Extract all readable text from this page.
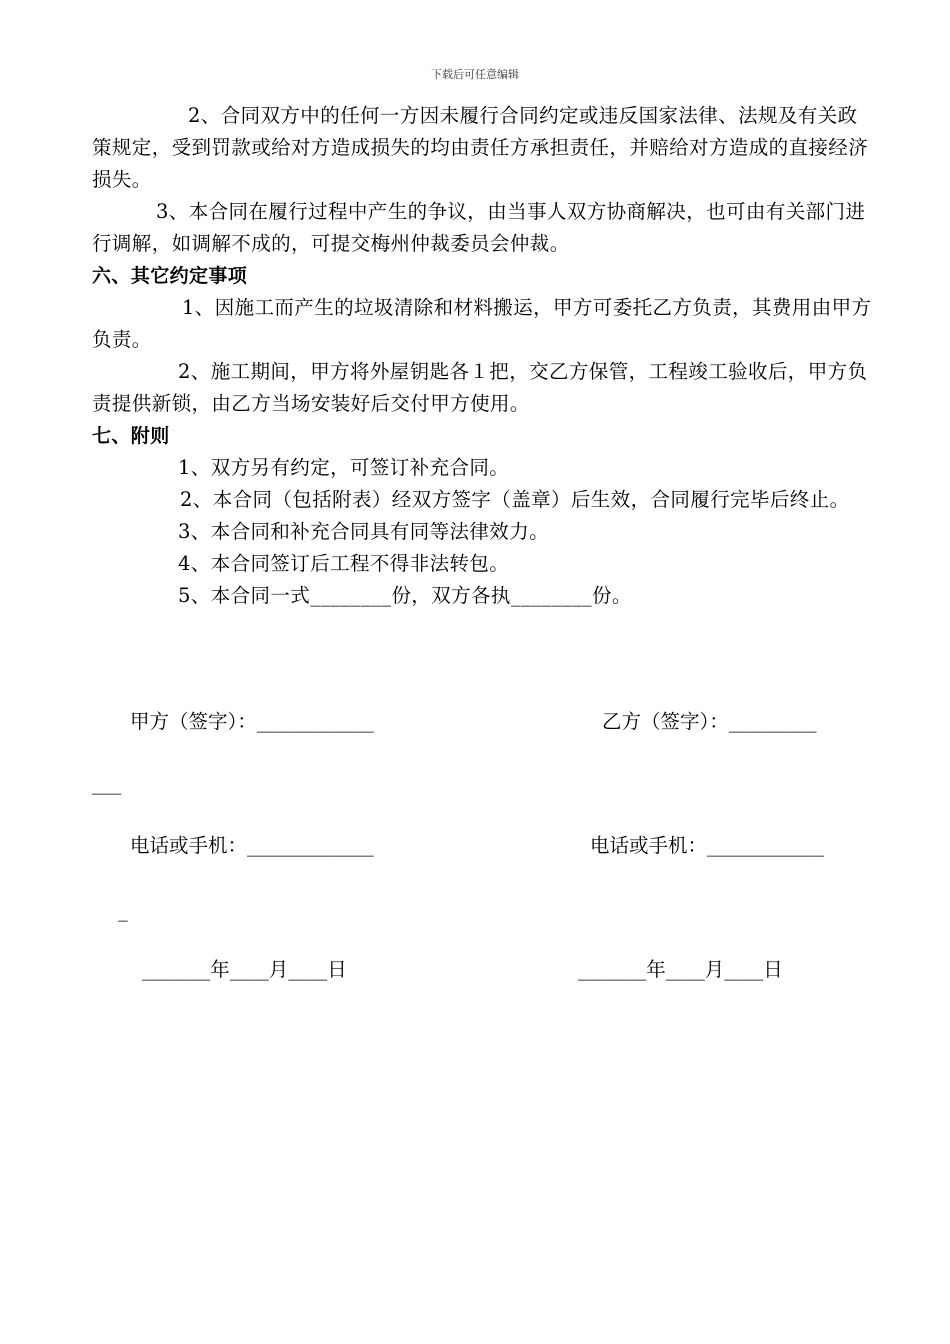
下载后可任意编辑

2、合同双方中的任何一方因未履行合同约定或违反国家法律、法规及有关政策规定，受到罚款或给对方造成损失的均由责任方承担责任，并赔给对方造成的直接经济损失。

3、本合同在履行过程中产生的争议，由当事人双方协商解决，也可由有关部门进行调解，如调解不成的，可提交梅州仲裁委员会仲裁。

六、其它约定事项

1、因施工而产生的垃圾清除和材料搬运，甲方可委托乙方负责，其费用由甲方负责。

2、施工期间，甲方将外屋钥匙各１把，交乙方保管，工程竣工验收后，甲方负责提供新锁，由乙方当场安装好后交付甲方使用。

七、附则

1、双方另有约定，可签订补充合同。

2、本合同（包括附表）经双方签字（盖章）后生效，合同履行完毕后终止。

3、本合同和补充合同具有同等法律效力。

4、本合同签订后工程不得非法转包。

5、本合同一式________份，双方各执________份。

甲方（签字）：____________	乙方（签字）：_________
___
电话或手机：_____________	电话或手机：____________
_
_______年____月____日	_______年____月____日
